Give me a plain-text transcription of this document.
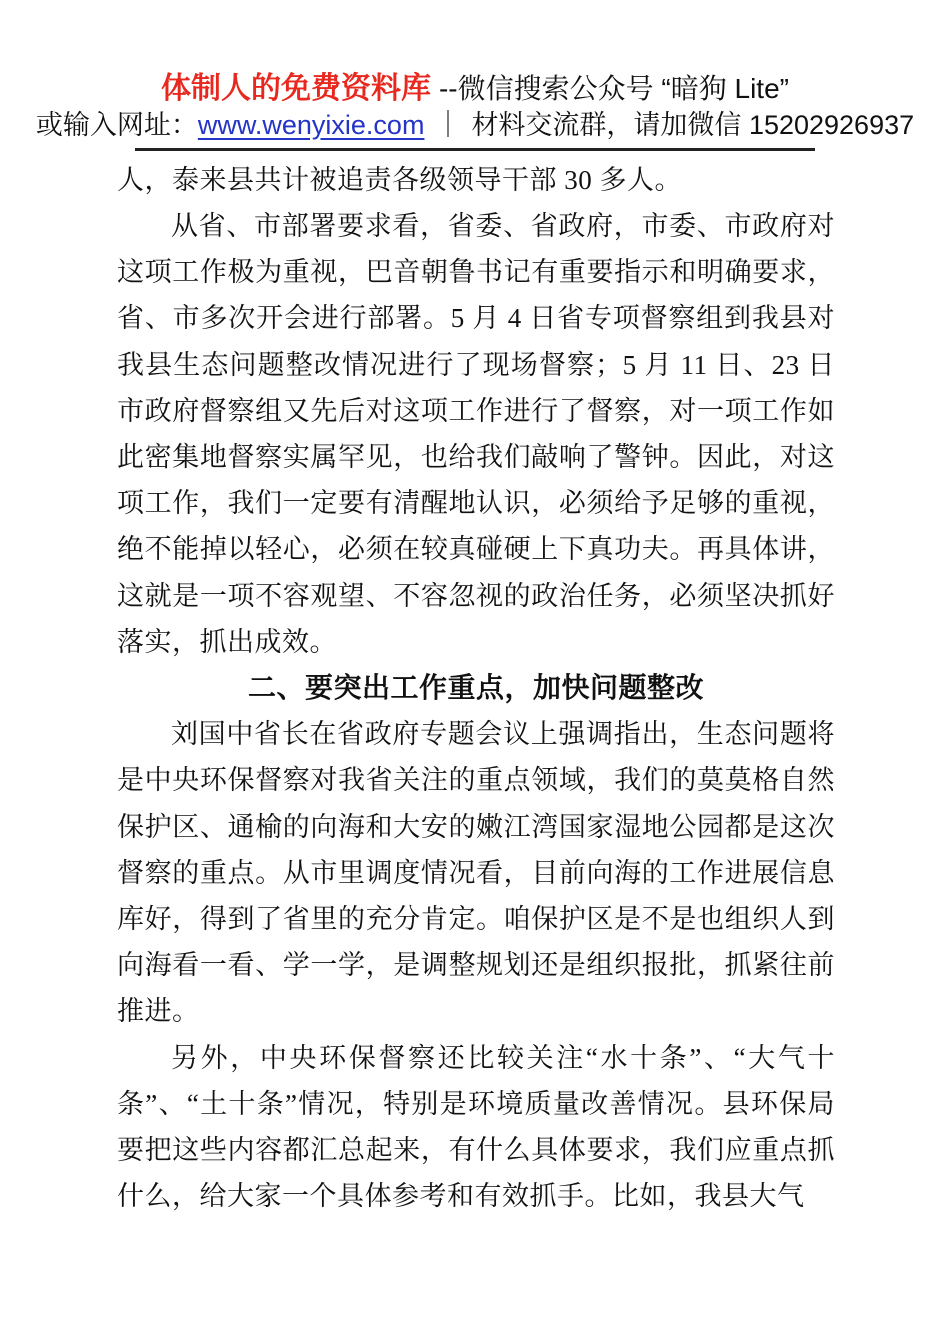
体制人的免费资料库 --微信搜索公众号 “暗狗 Lite”
或输入网址：www.wenyixie.com ｜ 材料交流群，请加微信 15202926937

人，泰来县共计被追责各级领导干部 30 多人。

从省、市部署要求看，省委、省政府，市委、市政府对这项工作极为重视，巴音朝鲁书记有重要指示和明确要求，省、市多次开会进行部署。5 月 4 日省专项督察组到我县对我县生态问题整改情况进行了现场督察；5 月 11 日、23 日市政府督察组又先后对这项工作进行了督察，对一项工作如此密集地督察实属罕见，也给我们敲响了警钟。因此，对这项工作，我们一定要有清醒地认识，必须给予足够的重视，绝不能掉以轻心，必须在较真碰硬上下真功夫。再具体讲，这就是一项不容观望、不容忽视的政治任务，必须坚决抓好落实，抓出成效。

二、要突出工作重点，加快问题整改

刘国中省长在省政府专题会议上强调指出，生态问题将是中央环保督察对我省关注的重点领域，我们的莫莫格自然保护区、通榆的向海和大安的嫩江湾国家湿地公园都是这次督察的重点。从市里调度情况看，目前向海的工作进展信息库好，得到了省里的充分肯定。咱保护区是不是也组织人到向海看一看、学一学，是调整规划还是组织报批，抓紧往前推进。

另外，中央环保督察还比较关注“水十条”、“大气十条”、“土十条”情况，特别是环境质量改善情况。县环保局要把这些内容都汇总起来，有什么具体要求，我们应重点抓什么，给大家一个具体参考和有效抓手。比如，我县大气
